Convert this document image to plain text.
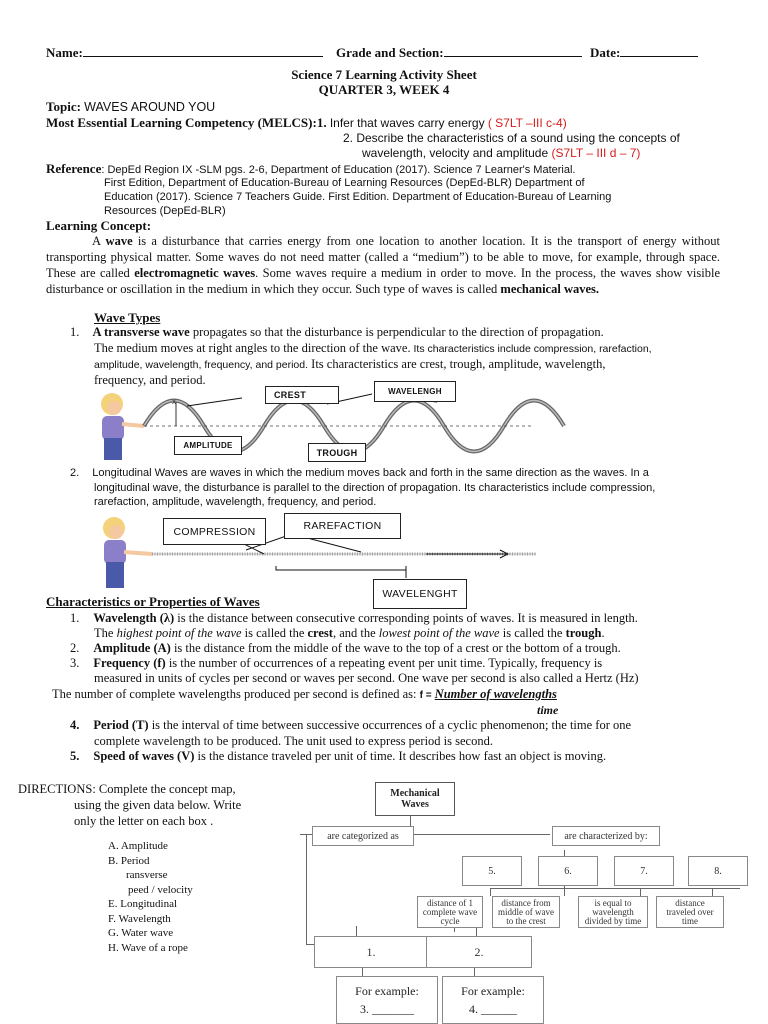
Name:	Grade and Section:	Date:
Science 7 Learning Activity Sheet
QUARTER 3, WEEK 4
Topic: WAVES AROUND YOU
Most Essential Learning Competency (MELCS):1. Infer that waves carry energy ( S7LT –III c-4)
2. Describe the characteristics of a sound using the concepts of
wavelength, velocity and amplitude (S7LT – III d – 7)
Reference: DepEd Region IX -SLM pgs. 2-6, Department of Education (2017). Science 7 Learner's Material.
First Edition, Department of Education-Bureau of Learning Resources (DepEd-BLR) Department of
Education (2017). Science 7 Teachers Guide. First Edition. Department of Education-Bureau of Learning
Resources (DepEd-BLR)
Learning Concept:
A wave is a disturbance that carries energy from one location to another location. It is the transport of energy without transporting physical matter. Some waves do not need matter (called a “medium”) to be able to move, for example, through space. These are called electromagnetic waves. Some waves require a medium in order to move. In the process, the waves show visible disturbance or oscillation in the medium in which they occur. Such type of waves is called mechanical waves.
Wave Types
1. A transverse wave propagates so that the disturbance is perpendicular to the direction of propagation.
The medium moves at right angles to the direction of the wave. Its characteristics include compression, rarefaction,
amplitude, wavelength, frequency, and period. Its characteristics are crest, trough, amplitude, wavelength,
frequency, and period.
x
CREST	WAVELENGH
AMPLITUDE
TROUGH
2. Longitudinal Waves are waves in which the medium moves back and forth in the same direction as the waves. In a
longitudinal wave, the disturbance is parallel to the direction of propagation. Its characteristics include compression,
rarefaction, amplitude, wavelength, frequency, and period.
COMPRESSION	RAREFACTION
WAVELENGHT
Characteristics or Properties of Waves
1. Wavelength (λ) is the distance between consecutive corresponding points of waves. It is measured in length.
The highest point of the wave is called the crest, and the lowest point of the wave is called the trough.
2. Amplitude (A) is the distance from the middle of the wave to the top of a crest or the bottom of a trough.
3. Frequency (f) is the number of occurrences of a repeating event per unit time. Typically, frequency is
measured in units of cycles per second or waves per second. One wave per second is also called a Hertz (Hz)
The number of complete wavelengths produced per second is defined as: f = Number of wavelengths
time
4. Period (T) is the interval of time between successive occurrences of a cyclic phenomenon; the time for one
complete wavelength to be produced. The unit used to express period is second.
5. Speed of waves (V) is the distance traveled per unit of time. It describes how fast an object is moving.
DIRECTIONS: Complete the concept map,
using the given data below. Write
only the letter on each box .
A. Amplitude
B. Period
ransverse
peed / velocity
E. Longitudinal
F. Wavelength
G. Water wave
H. Wave of a rope
Mechanical
Waves
are categorized as	are characterized by:
5.	6.	7.	8.
distance of 1 complete wave cycle
distance from middle of wave to the crest
is equal to wavelength divided by time
distance traveled over time
1.	2.
For example:
3. _______
For example:
4. ______
